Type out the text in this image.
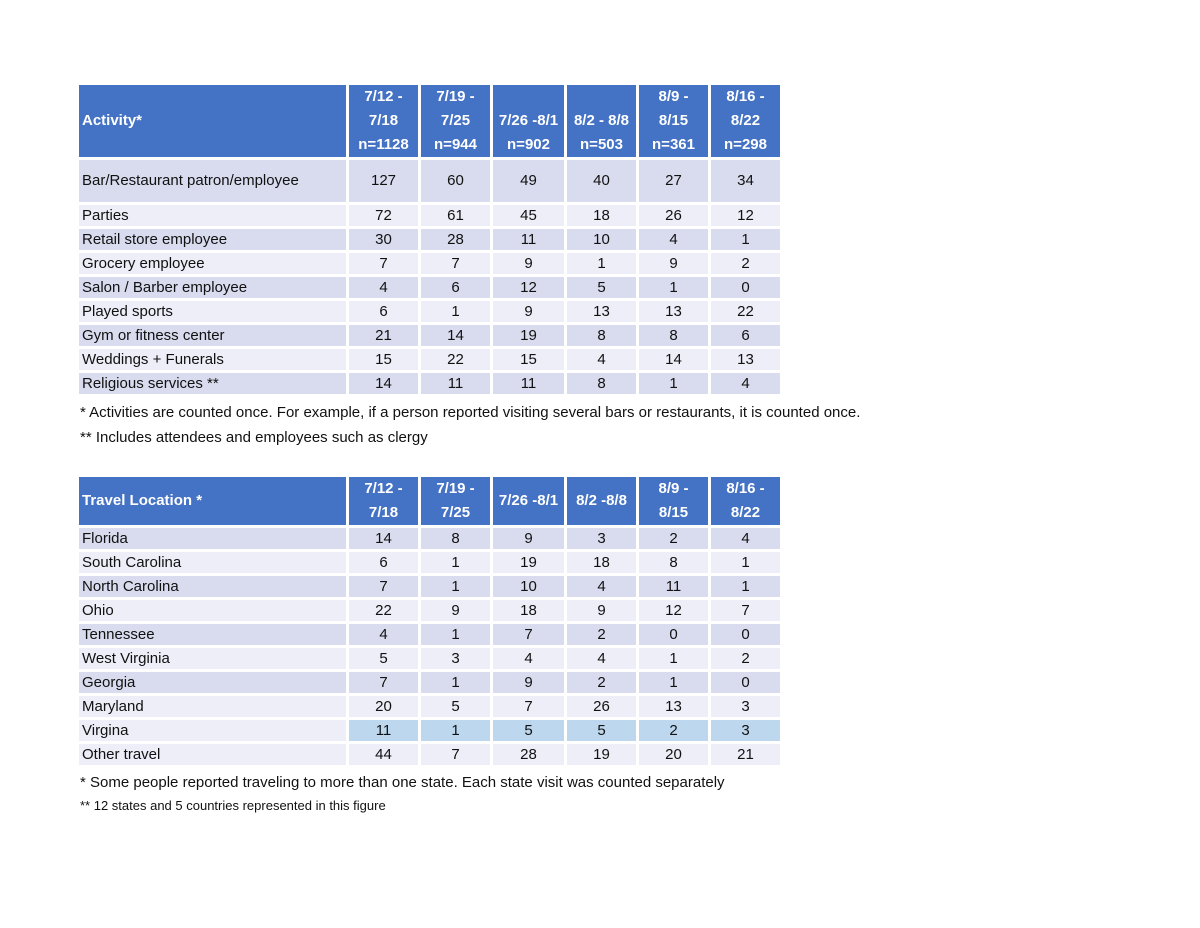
Activity*	7/12 -
7/18
n=1128	7/19 -
7/25
n=944	7/26 -8/1
n=902	8/2 - 8/8
n=503	8/9 -
8/15
n=361	8/16 -
8/22
n=298
Bar/Restaurant patron/employee	127	60	49	40	27	34
Parties	72	61	45	18	26	12
Retail store employee	30	28	11	10	4	1
Grocery employee	7	7	9	1	9	2
Salon / Barber employee	4	6	12	5	1	0
Played sports	6	1	9	13	13	22
Gym or fitness center	21	14	19	8	8	6
Weddings + Funerals	15	22	15	4	14	13
Religious services **	14	11	11	8	1	4

* Activities are counted once. For example, if a person reported visiting several bars or restaurants, it is counted once.

** Includes attendees and employees such as clergy

Travel Location *	7/12 -
7/18	7/19 -
7/25	7/26 -8/1	8/2 -8/8	8/9 -
8/15	8/16 -
8/22
Florida	14	8	9	3	2	4
South Carolina	6	1	19	18	8	1
North Carolina	7	1	10	4	11	1
Ohio	22	9	18	9	12	7
Tennessee	4	1	7	2	0	0
West Virginia	5	3	4	4	1	2
Georgia	7	1	9	2	1	0
Maryland	20	5	7	26	13	3
Virgina	11	1	5	5	2	3
Other travel	44	7	28	19	20	21

* Some people reported traveling to more than one state. Each state visit was counted separately

** 12 states and 5 countries represented in this figure
